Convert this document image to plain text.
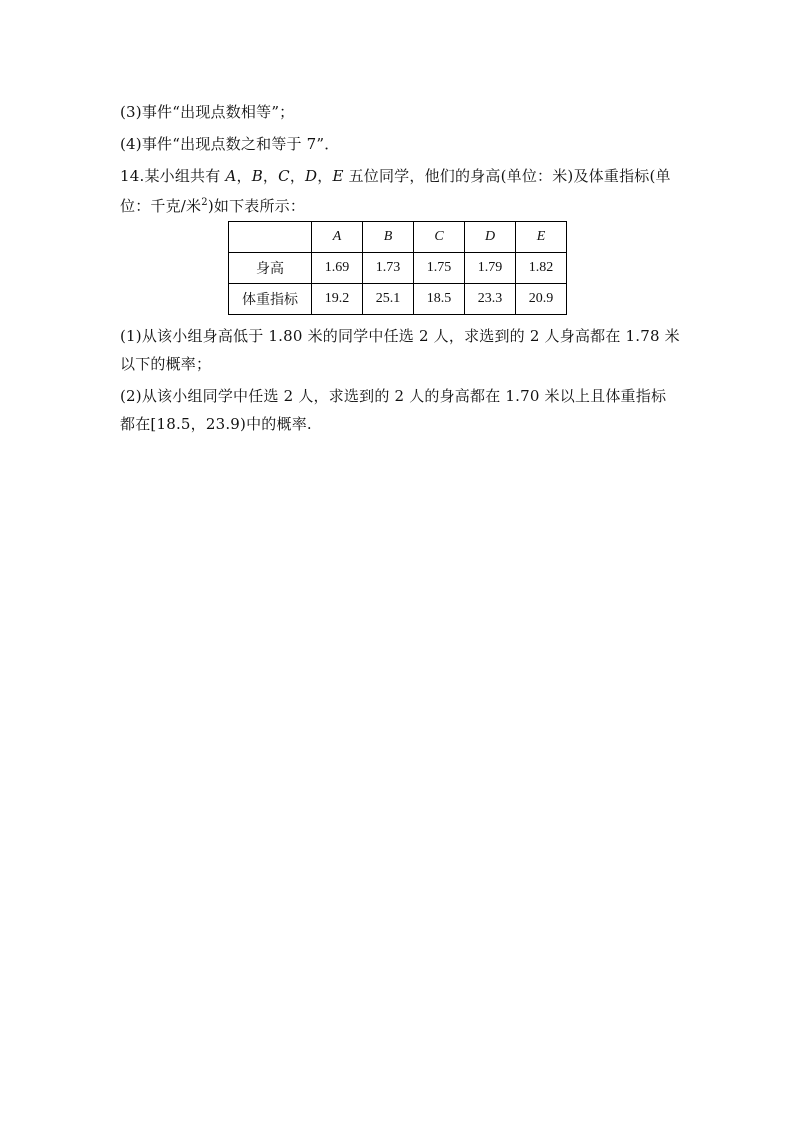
(3)事件“出现点数相等”；
(4)事件“出现点数之和等于 7”．
14.某小组共有 A，B，C，D，E 五位同学，他们的身高(单位：米)及体重指标(单
位：千克/米$^2$)如下表所示：
	A	B	C	D	E
身高	1.69	1.73	1.75	1.79	1.82
体重指标	19.2	25.1	18.5	23.3	20.9
(1)从该小组身高低于 1.80 米的同学中任选 2 人，求选到的 2 人身高都在 1.78 米
以下的概率；
(2)从该小组同学中任选 2 人，求选到的 2 人的身高都在 1.70 米以上且体重指标
都在[18.5，23.9)中的概率.
